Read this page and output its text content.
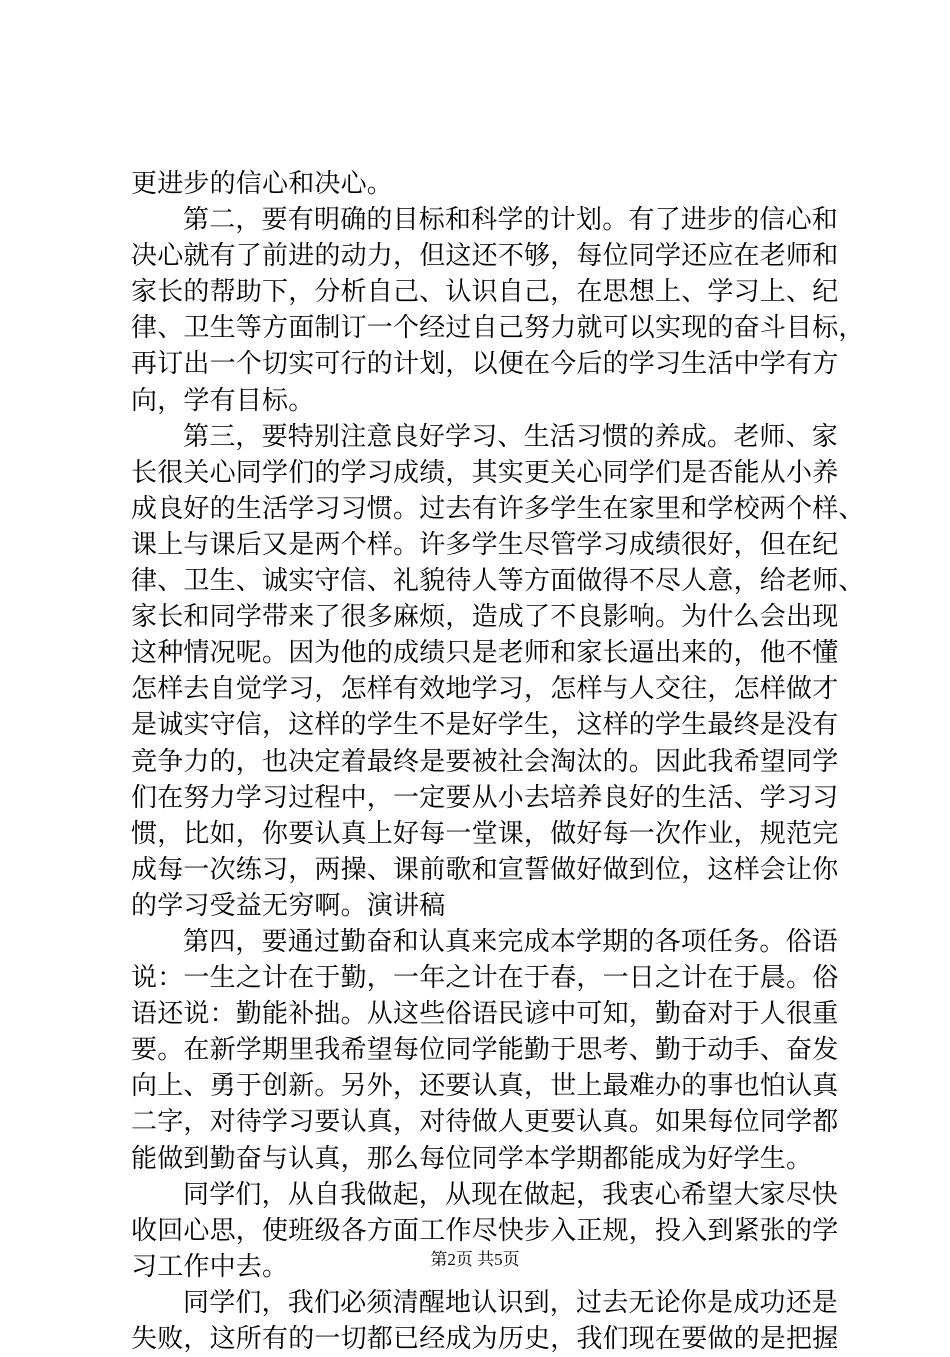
更进步的信心和决心。
第二，要有明确的目标和科学的计划。有了进步的信心和
决心就有了前进的动力，但这还不够，每位同学还应在老师和
家长的帮助下，分析自己、认识自己，在思想上、学习上、纪
律、卫生等方面制订一个经过自己努力就可以实现的奋斗目标，
再订出一个切实可行的计划，以便在今后的学习生活中学有方
向，学有目标。
第三，要特别注意良好学习、生活习惯的养成。老师、家
长很关心同学们的学习成绩，其实更关心同学们是否能从小养
成良好的生活学习习惯。过去有许多学生在家里和学校两个样、
课上与课后又是两个样。许多学生尽管学习成绩很好，但在纪
律、卫生、诚实守信、礼貌待人等方面做得不尽人意，给老师、
家长和同学带来了很多麻烦，造成了不良影响。为什么会出现
这种情况呢。因为他的成绩只是老师和家长逼出来的，他不懂
怎样去自觉学习，怎样有效地学习，怎样与人交往，怎样做才
是诚实守信，这样的学生不是好学生，这样的学生最终是没有
竞争力的，也决定着最终是要被社会淘汰的。因此我希望同学
们在努力学习过程中，一定要从小去培养良好的生活、学习习
惯，比如，你要认真上好每一堂课，做好每一次作业，规范完
成每一次练习，两操、课前歌和宣誓做好做到位，这样会让你
的学习受益无穷啊。演讲稿
第四，要通过勤奋和认真来完成本学期的各项任务。俗语
说：一生之计在于勤，一年之计在于春，一日之计在于晨。俗
语还说：勤能补拙。从这些俗语民谚中可知，勤奋对于人很重
要。在新学期里我希望每位同学能勤于思考、勤于动手、奋发
向上、勇于创新。另外，还要认真，世上最难办的事也怕认真
二字，对待学习要认真，对待做人更要认真。如果每位同学都
能做到勤奋与认真，那么每位同学本学期都能成为好学生。
同学们，从自我做起，从现在做起，我衷心希望大家尽快
收回心思，使班级各方面工作尽快步入正规，投入到紧张的学
习工作中去。
同学们，我们必须清醒地认识到，过去无论你是成功还是
失败，这所有的一切都已经成为历史，我们现在要做的是把握
第2页 共5页
